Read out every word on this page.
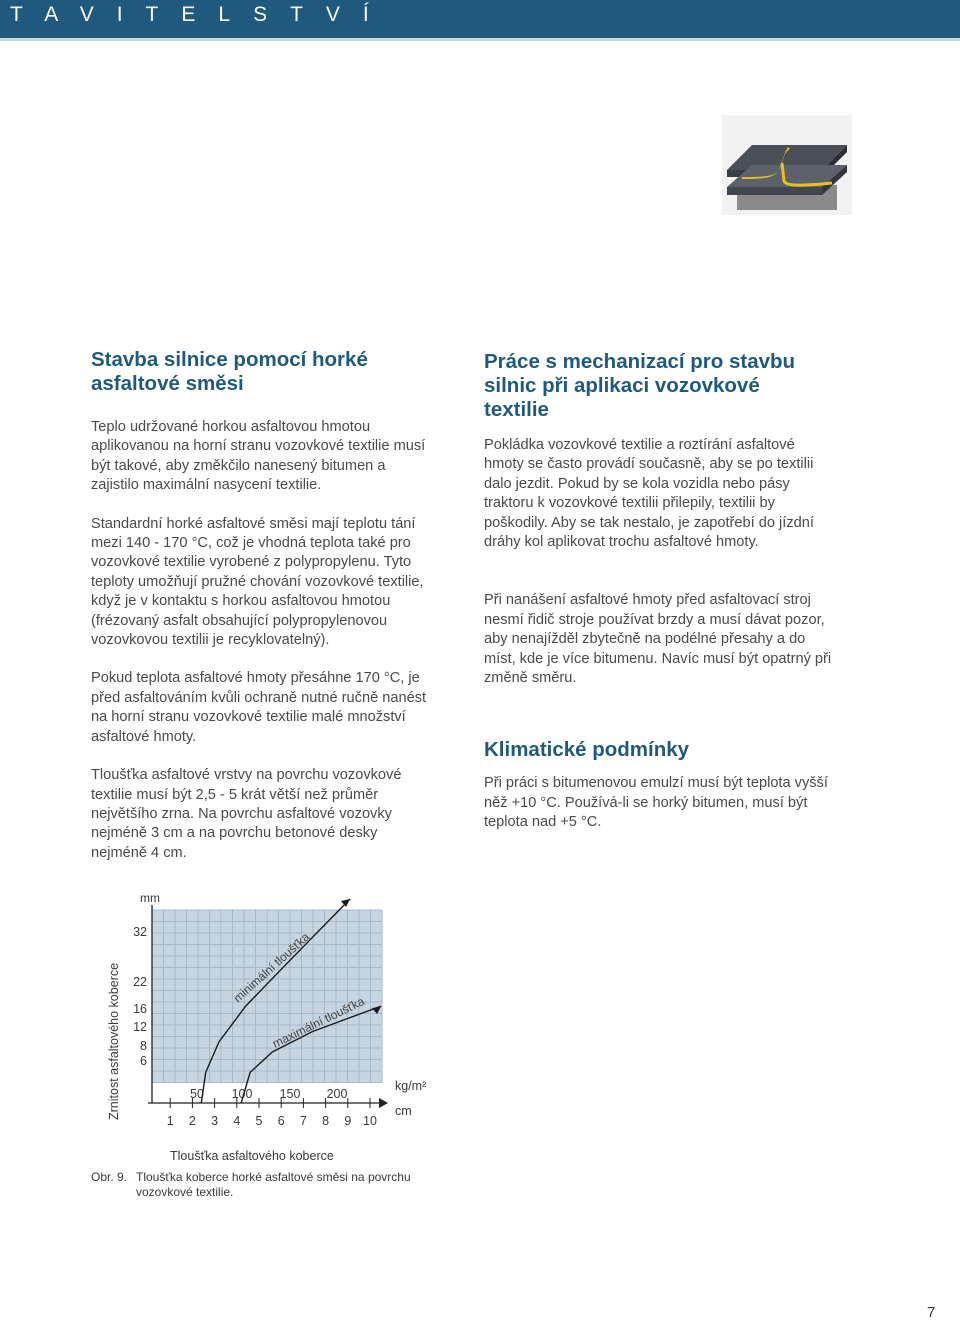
TAVITELSTVÍ
Stavba silnice pomocí horké asfaltové směsi

Teplo udržované horkou asfaltovou hmotou aplikovanou na horní stranu vozovkové textilie musí být takové, aby změkčilo nanesený bitumen a zajistilo maximální nasycení textilie.

Standardní horké asfaltové směsi mají teplotu tání mezi 140 - 170 °C, což je vhodná teplota také pro vozovkové textilie vyrobené z polypropylenu. Tyto teploty umožňují pružné chování vozovkové textilie, když je v kontaktu s horkou asfaltovou hmotou (frézovaný asfalt obsahující polypropylenovou vozovkovou textilii je recyklovatelný).

Pokud teplota asfaltové hmoty přesáhne 170 °C, je před asfaltováním kvůli ochraně nutné ručně nanést na horní stranu vozovkové textilie malé množství asfaltové hmoty.

Tloušťka asfaltové vrstvy na povrchu vozovkové textilie musí být 2,5 - 5 krát větší než průměr největšího zrna. Na povrchu asfaltové vozovky nejméně 3 cm a na povrchu betonové desky nejméně 4 cm.

Práce s mechanizací pro stavbu silnic při aplikaci vozovkové textilie

Pokládka vozovkové textilie a roztírání asfaltové hmoty se často provádí současně, aby se po textilii dalo jezdit. Pokud by se kola vozidla nebo pásy traktoru k vozovkové textilii přilepily, textilii by poškodily. Aby se tak nestalo, je zapotřebí do jízdní dráhy kol aplikovat trochu asfaltové hmoty.

Při nanášení asfaltové hmoty před asfaltovací stroj nesmí řidič stroje používat brzdy a musí dávat pozor, aby nenajížděl zbytečně na podélné přesahy a do míst, kde je více bitumenu. Navíc musí být opatrný při změně směru.

Klimatické podmínky

Při práci s bitumenovou emulzí musí být teplota vyšší něž +10 °C. Používá-li se horký bitumen, musí být teplota nad +5 °C.

mm
32
22
16
12
8
6
Zrnitost asfaltového koberce	50 100 150 200
kg/m²
1 2 3 4 5 6 7 8 9 10
cm
Tloušťka asfaltového koberce
minimální tloušťka
maximální tloušťka
Obr. 9. Tloušťka koberce horké asfaltové směsi na povrchu vozovkové textilie.
7
